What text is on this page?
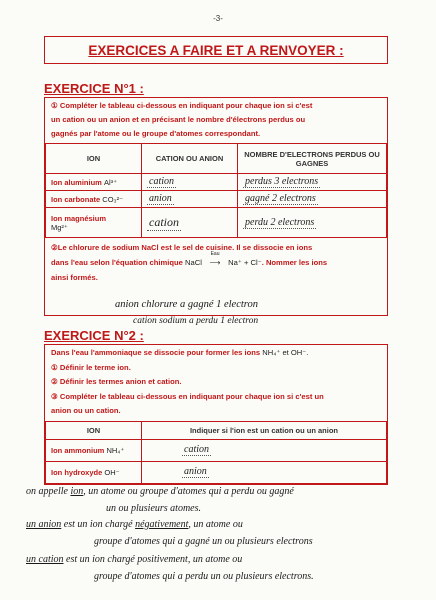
-3-
EXERCICES A FAIRE ET A RENVOYER :
EXERCICE N°1 :

① Compléter le tableau ci-dessous en indiquant pour chaque ion si c'est

un cation ou un anion et en précisant le nombre d'électrons perdus ou

gagnés par l'atome ou le groupe d'atomes correspondant.

ION	CATION OU ANION	NOMBRE D'ELECTRONS PERDUS OU GAGNES
Ion aluminium Al³⁺	cation	perdus 3 electrons
Ion carbonate CO₃²⁻	anion	gagné 2 electrons
Ion magnésium
Mg²⁺	cation	perdu 2 electrons

②Le chlorure de sodium NaCl est le sel de cuisine. Il se dissocie en ions

dans l'eau selon l'équation chimique NaCl
Eau
⟶ Na⁺ + Cl⁻. Nommer les ions

ainsi formés.

anion chlorure a gagné 1 electron
cation sodium a perdu 1 electron
EXERCICE N°2 :

Dans l'eau l'ammoniaque se dissocie pour former les ions NH₄⁺ et OH⁻.

① Définir le terme ion.

② Définir les termes anion et cation.

③ Compléter le tableau ci-dessous en indiquant pour chaque ion si c'est un

anion ou un cation.

ION	Indiquer si l'ion est un cation ou un anion
Ion ammonium NH₄⁺	cation
Ion hydroxyde OH⁻	anion
on appelle ion, un atome ou groupe d'atomes qui a perdu ou gagné
un ou plusieurs atomes.
un anion est un ion chargé négativement, un atome ou
groupe d'atomes qui a gagné un ou plusieurs electrons
un cation est un ion chargé positivement, un atome ou
groupe d'atomes qui a perdu un ou plusieurs electrons.
